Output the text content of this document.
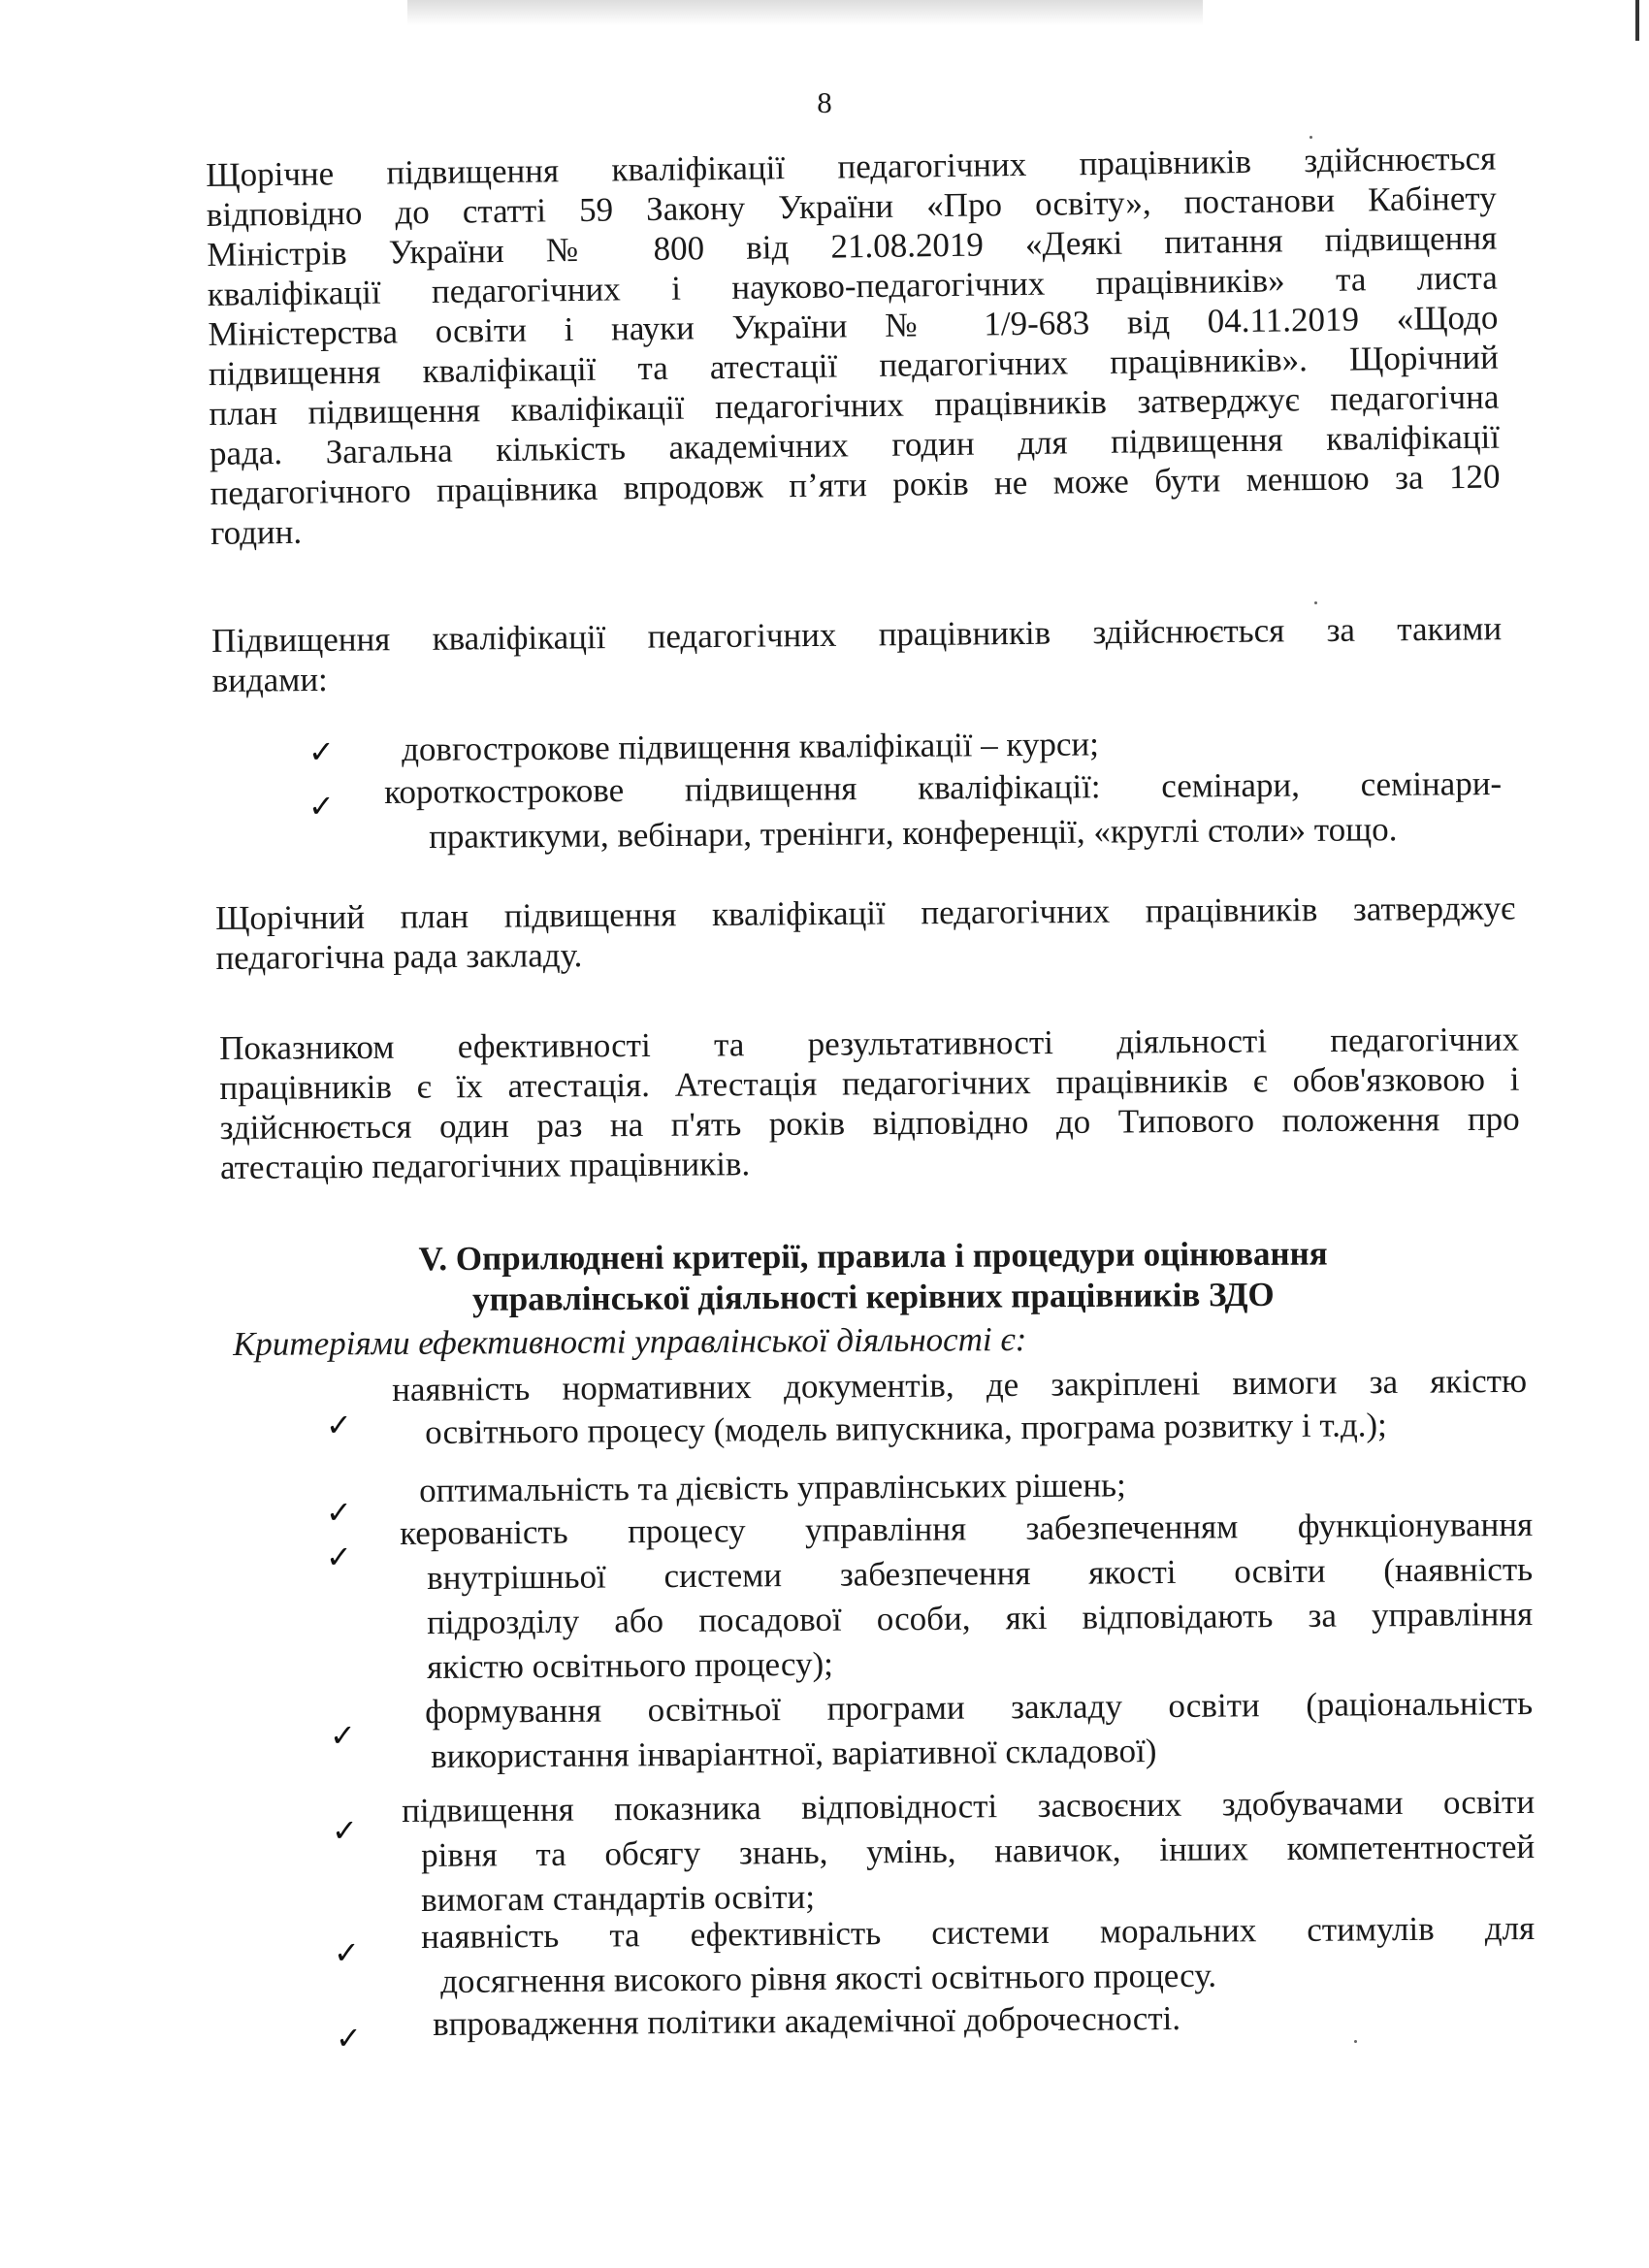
8
Щорічне підвищення кваліфікації педагогічних працівників здійснюється
відповідно до статті 59 Закону України «Про освіту», постанови Кабінету
Міністрів України № 800 від 21.08.2019 «Деякі питання підвищення
кваліфікації педагогічних і науково-педагогічних працівників» та листа
Міністерства освіти і науки України № 1/9-683 від 04.11.2019 «Щодо
підвищення кваліфікації та атестації педагогічних працівників». Щорічний
план підвищення кваліфікації педагогічних працівників затверджує педагогічна
рада. Загальна кількість академічних годин для підвищення кваліфікації
педагогічного працівника впродовж п’яти років не може бути меншою за 120
годин.
Підвищення кваліфікації педагогічних працівників здійснюється за такими
видами:
✓ довгострокове підвищення кваліфікації – курси;
✓ короткострокове підвищення кваліфікації: семінари, семінари-
практикуми, вебінари, тренінги, конференції, «круглі столи» тощо.
Щорічний план підвищення кваліфікації педагогічних працівників затверджує
педагогічна рада закладу.
Показником ефективності та результативності діяльності педагогічних
працівників є їх атестація. Атестація педагогічних працівників є обов'язковою і
здійснюється один раз на п'ять років відповідно до Типового положення про
атестацію педагогічних працівників.
V. Оприлюднені критерії, правила і процедури оцінювання
управлінської діяльності керівних працівників ЗДО
Критеріями ефективності управлінської діяльності є:
✓
наявність нормативних документів, де закріплені вимоги за якістю
освітнього процесу (модель випускника, програма розвитку і т.д.);
✓
оптимальність та дієвість управлінських рішень;
✓
керованість процесу управління забезпеченням функціонування
внутрішньої системи забезпечення якості освіти (наявність
підрозділу або посадової особи, які відповідають за управління
якістю освітнього процесу);
✓
формування освітньої програми закладу освіти (раціональність
використання інваріантної, варіативної складової)
✓
підвищення показника відповідності засвоєних здобувачами освіти
рівня та обсягу знань, умінь, навичок, інших компетентностей
вимогам стандартів освіти;
✓ наявність та ефективність системи моральних стимулів для
досягнення високого рівня якості освітнього процесу.
✓ впровадження політики академічної доброчесності.
